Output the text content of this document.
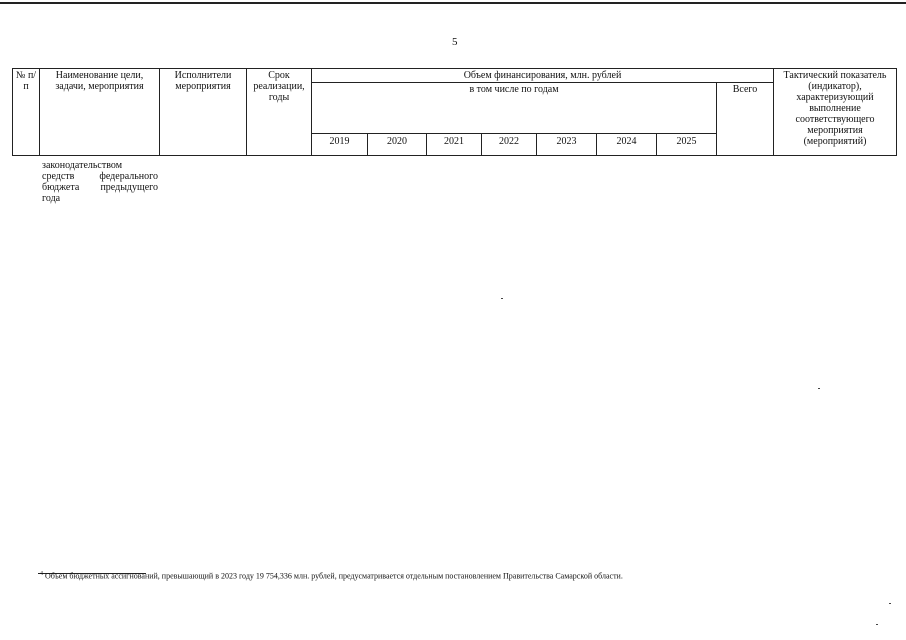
5
№ п/п	Наименование цели, задачи, мероприятия	Исполнители мероприятия	Срок реализации, годы	Объем финансирования, млн. рублей								Тактический показатель (индикатор), характеризующий выполнение соответствующего мероприятия (мероприятий)
				в том числе по годам							Всего	
				2019	2020	2021	2022	2023	2024	2025		
законодательством
средств федерального
бюджета предыдущего
года
$^4$ Объем бюджетных ассигнований, превышающий в 2023 году 19 754,336 млн. рублей, предусматривается отдельным постановлением Правительства Самарской области.
